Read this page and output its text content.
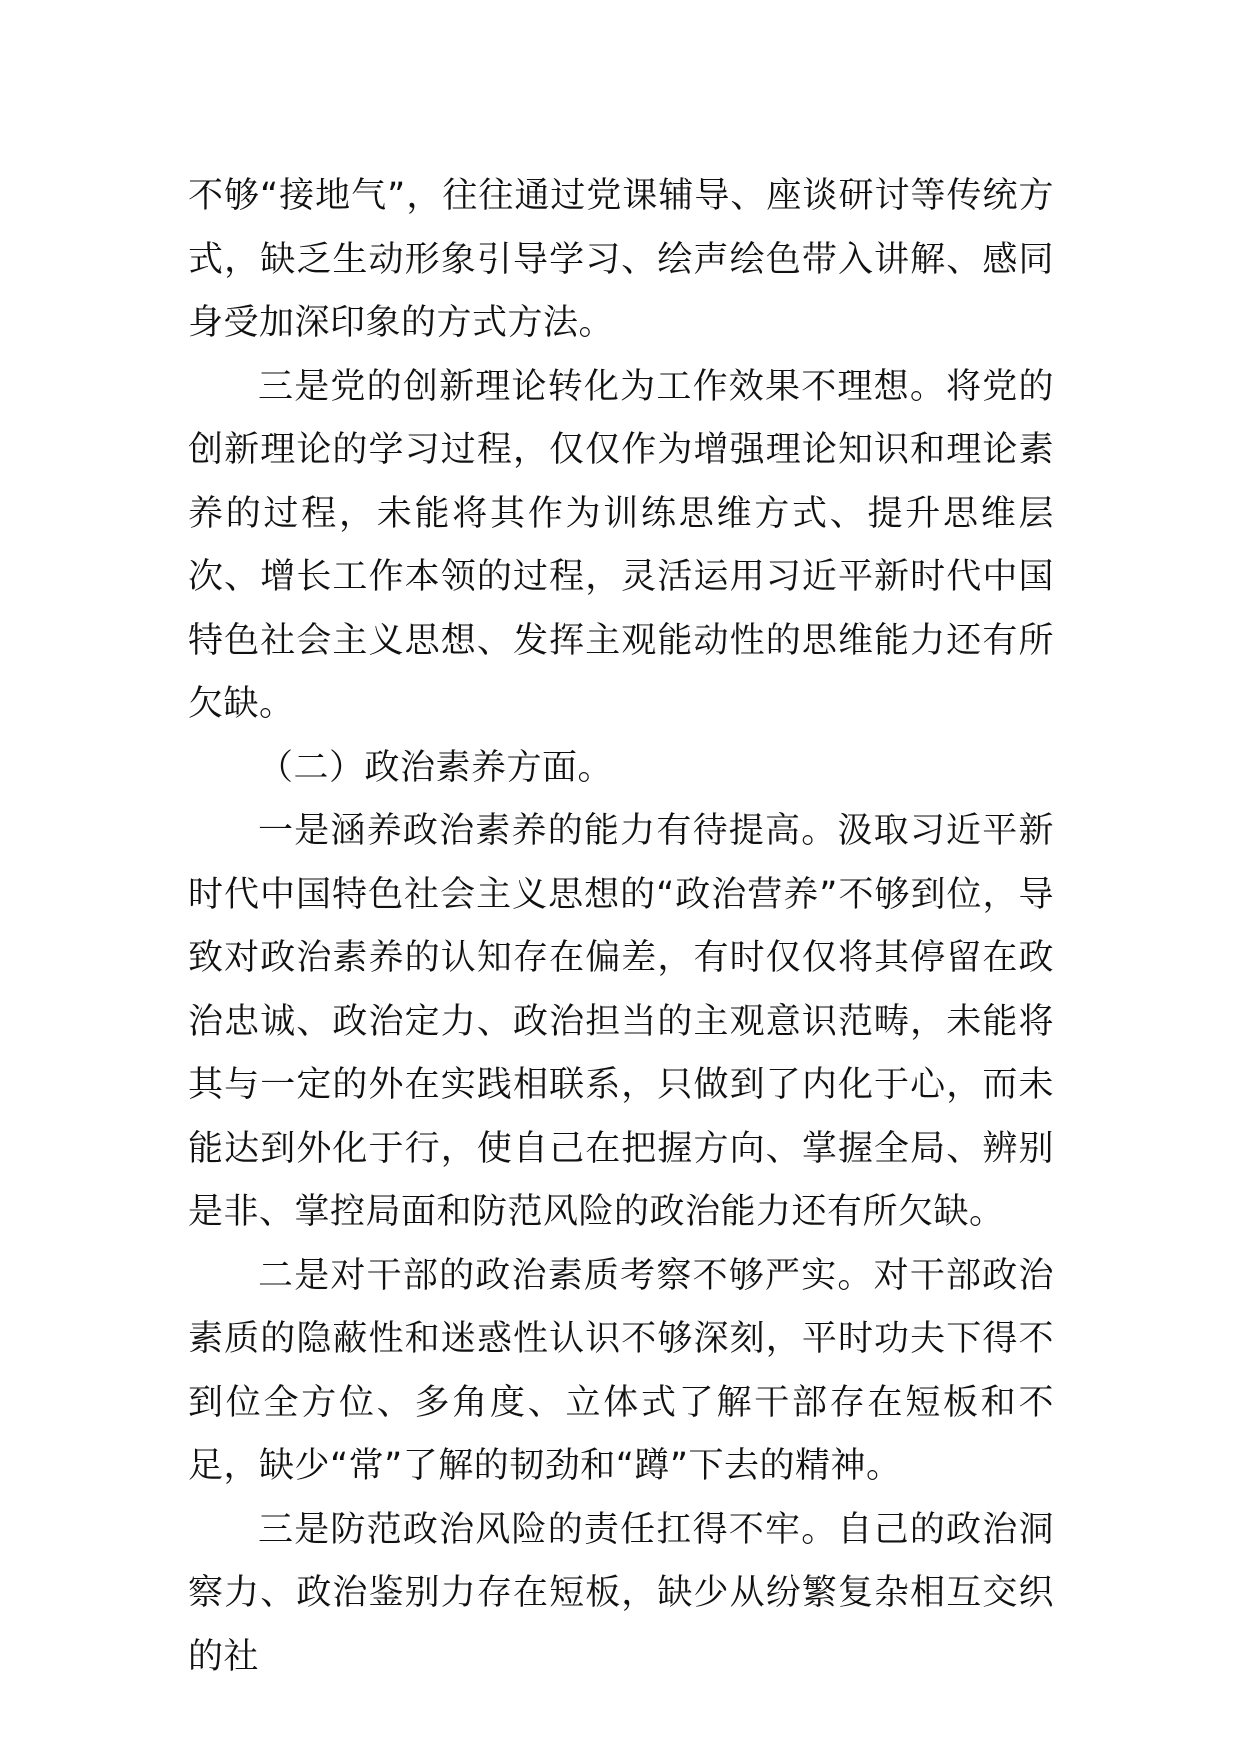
不够“接地气”，往往通过党课辅导、座谈研讨等传统方式，缺乏生动形象引导学习、绘声绘色带入讲解、感同身受加深印象的方式方法。

三是党的创新理论转化为工作效果不理想。将党的创新理论的学习过程，仅仅作为增强理论知识和理论素养的过程，未能将其作为训练思维方式、提升思维层次、增长工作本领的过程，灵活运用习近平新时代中国特色社会主义思想、发挥主观能动性的思维能力还有所欠缺。

（二）政治素养方面。

一是涵养政治素养的能力有待提高。汲取习近平新时代中国特色社会主义思想的“政治营养”不够到位，导致对政治素养的认知存在偏差，有时仅仅将其停留在政治忠诚、政治定力、政治担当的主观意识范畴，未能将其与一定的外在实践相联系，只做到了内化于心，而未能达到外化于行，使自己在把握方向、掌握全局、辨别是非、掌控局面和防范风险的政治能力还有所欠缺。

二是对干部的政治素质考察不够严实。对干部政治素质的隐蔽性和迷惑性认识不够深刻，平时功夫下得不到位全方位、多角度、立体式了解干部存在短板和不足，缺少“常”了解的韧劲和“蹲”下去的精神。

三是防范政治风险的责任扛得不牢。自己的政治洞察力、政治鉴别力存在短板，缺少从纷繁复杂相互交织的社
